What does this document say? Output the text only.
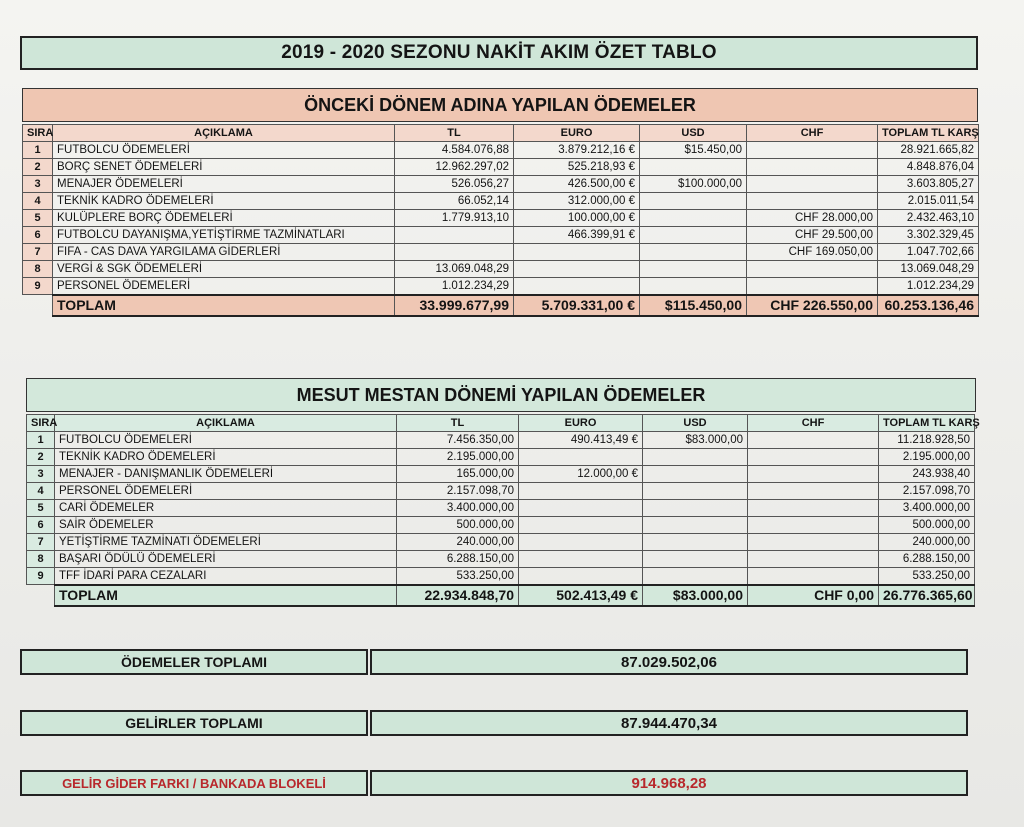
2019 - 2020 SEZONU NAKİT AKIM ÖZET TABLO
ÖNCEKİ DÖNEM ADINA YAPILAN ÖDEMELER
SIRA	AÇIKLAMA	TL	EURO	USD	CHF	TOPLAM TL KARŞ
1	FUTBOLCU ÖDEMELERİ	4.584.076,88	3.879.212,16 €	$15.450,00		28.921.665,82
2	BORÇ SENET ÖDEMELERİ	12.962.297,02	525.218,93 €			4.848.876,04
3	MENAJER ÖDEMELERİ	526.056,27	426.500,00 €	$100.000,00		3.603.805,27
4	TEKNİK KADRO ÖDEMELERİ	66.052,14	312.000,00 €			2.015.011,54
5	KULÜPLERE BORÇ ÖDEMELERİ	1.779.913,10	100.000,00 €		CHF 28.000,00	2.432.463,10
6	FUTBOLCU DAYANIŞMA,YETİŞTİRME TAZMİNATLARI		466.399,91 €		CHF 29.500,00	3.302.329,45
7	FIFA - CAS DAVA YARGILAMA GİDERLERİ				CHF 169.050,00	1.047.702,66
8	VERGİ & SGK ÖDEMELERİ	13.069.048,29				13.069.048,29
9	PERSONEL ÖDEMELERİ	1.012.234,29				1.012.234,29
	TOPLAM	33.999.677,99	5.709.331,00 €	$115.450,00	CHF 226.550,00	60.253.136,46
MESUT MESTAN DÖNEMİ YAPILAN ÖDEMELER
SIRA	AÇIKLAMA	TL	EURO	USD	CHF	TOPLAM TL KARŞ
1	FUTBOLCU ÖDEMELERİ	7.456.350,00	490.413,49 €	$83.000,00		11.218.928,50
2	TEKNİK KADRO ÖDEMELERİ	2.195.000,00				2.195.000,00
3	MENAJER - DANIŞMANLIK ÖDEMELERİ	165.000,00	12.000,00 €			243.938,40
4	PERSONEL ÖDEMELERİ	2.157.098,70				2.157.098,70
5	CARİ ÖDEMELER	3.400.000,00				3.400.000,00
6	SAİR ÖDEMELER	500.000,00				500.000,00
7	YETİŞTİRME TAZMİNATI ÖDEMELERİ	240.000,00				240.000,00
8	BAŞARI ÖDÜLÜ ÖDEMELERİ	6.288.150,00				6.288.150,00
9	TFF İDARİ PARA CEZALARI	533.250,00				533.250,00
	TOPLAM	22.934.848,70	502.413,49 €	$83.000,00	CHF 0,00	26.776.365,60
ÖDEMELER TOPLAMI	87.029.502,06
GELİRLER TOPLAMI	87.944.470,34
GELİR GİDER FARKI / BANKADA BLOKELİ	914.968,28
